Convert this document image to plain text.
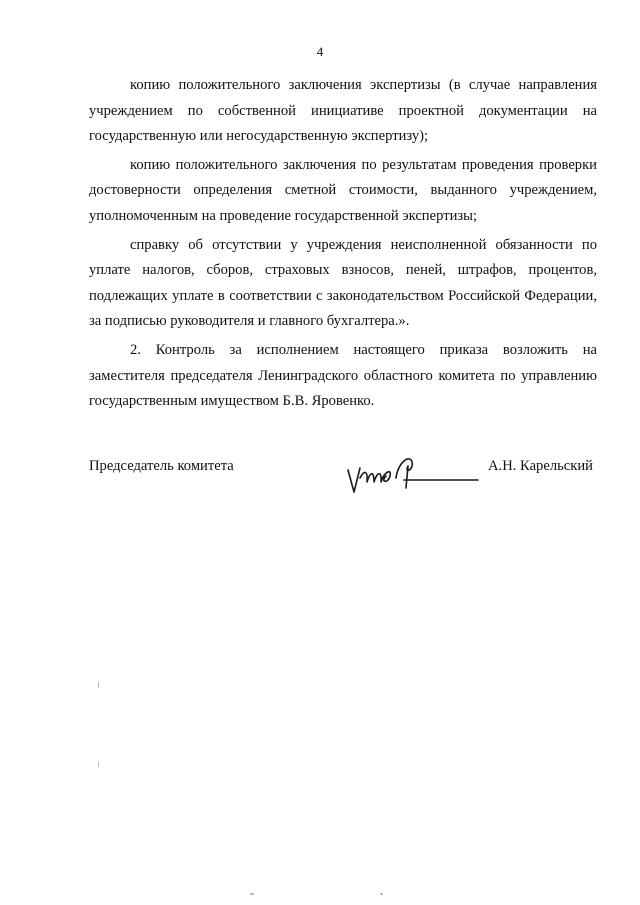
4

копию положительного заключения экспертизы (в случае направления учреждением по собственной инициативе проектной документации на государственную или негосударственную экспертизу);

копию положительного заключения по результатам проведения проверки достоверности определения сметной стоимости, выданного учреждением, уполномоченным на проведение государственной экспертизы;

справку об отсутствии у учреждения неисполненной обязанности по уплате налогов, сборов, страховых взносов, пеней, штрафов, процентов, подлежащих уплате в соответствии с законодательством Российской Федерации, за подписью руководителя и главного бухгалтера.».

2. Контроль за исполнением настоящего приказа возложить на заместителя председателя Ленинградского областного комитета по управлению государственным имуществом Б.В. Яровенко.

Председатель комитета	А.Н. Карельский
